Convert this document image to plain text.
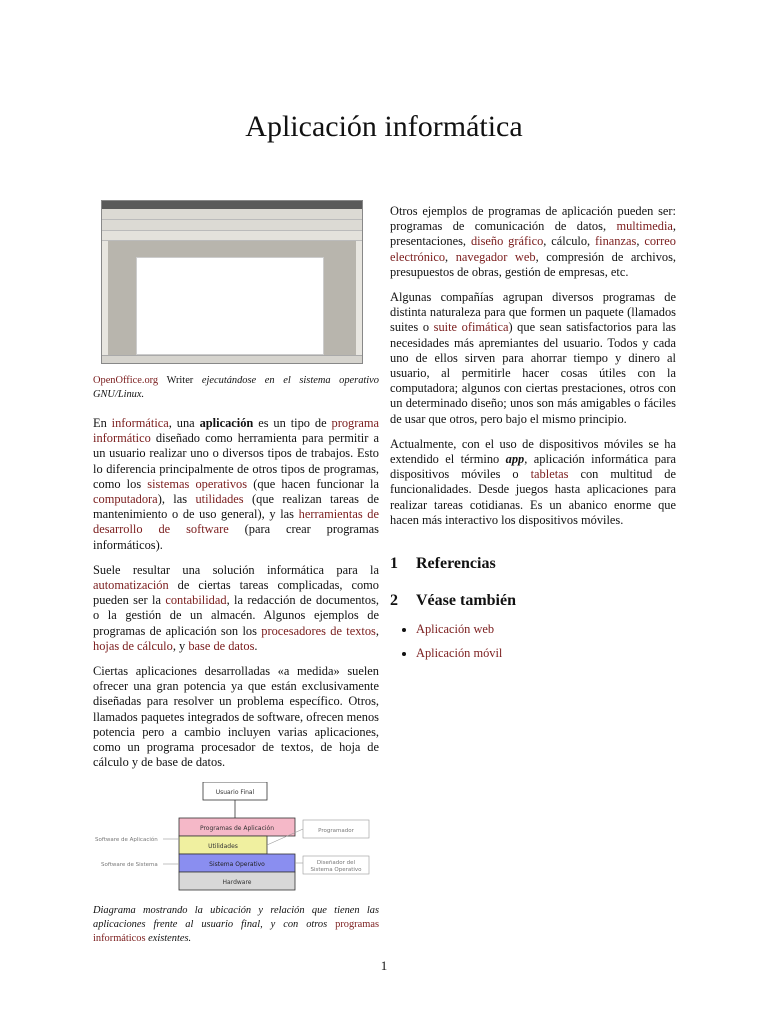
Aplicación informática

OpenOffice.org Writer ejecutándose en el sistema operativo GNU/Linux.

En informática, una aplicación es un tipo de programa informático diseñado como herramienta para permitir a un usuario realizar uno o diversos tipos de trabajos. Esto lo diferencia principalmente de otros tipos de programas, como los sistemas operativos (que hacen funcionar la computadora), las utilidades (que realizan tareas de mantenimiento o de uso general), y las herramientas de desarrollo de software (para crear programas informáticos).

Suele resultar una solución informática para la automatización de ciertas tareas complicadas, como pueden ser la contabilidad, la redacción de documentos, o la gestión de un almacén. Algunos ejemplos de programas de aplicación son los procesadores de textos, hojas de cálculo, y base de datos.

Ciertas aplicaciones desarrolladas «a medida» suelen ofrecer una gran potencia ya que están exclusivamente diseñadas para resolver un problema específico. Otros, llamados paquetes integrados de software, ofrecen menos potencia pero a cambio incluyen varias aplicaciones, como un programa procesador de textos, de hoja de cálculo y de base de datos.

Usuario Final
Programas de Aplicación
Utilidades
Sistema Operativo
Hardware
Software de Aplicación
Software de Sistema
Programador
Diseñador del
Sistema Operativo

Diagrama mostrando la ubicación y relación que tienen las aplicaciones frente al usuario final, y con otros programas informáticos existentes.

Otros ejemplos de programas de aplicación pueden ser: programas de comunicación de datos, multimedia, presentaciones, diseño gráfico, cálculo, finanzas, correo electrónico, navegador web, compresión de archivos, presupuestos de obras, gestión de empresas, etc.

Algunas compañías agrupan diversos programas de distinta naturaleza para que formen un paquete (llamados suites o suite ofimática) que sean satisfactorios para las necesidades más apremiantes del usuario. Todos y cada uno de ellos sirven para ahorrar tiempo y dinero al usuario, al permitirle hacer cosas útiles con la computadora; algunos con ciertas prestaciones, otros con un determinado diseño; unos son más amigables o fáciles de usar que otros, pero bajo el mismo principio.

Actualmente, con el uso de dispositivos móviles se ha extendido el término app, aplicación informática para dispositivos móviles o tabletas con multitud de funcionalidades. Desde juegos hasta aplicaciones para realizar tareas cotidianas. Es un abanico enorme que hacen más interactivo los dispositivos móviles.

1 Referencias
2 Véase también
• Aplicación web
• Aplicación móvil
1
